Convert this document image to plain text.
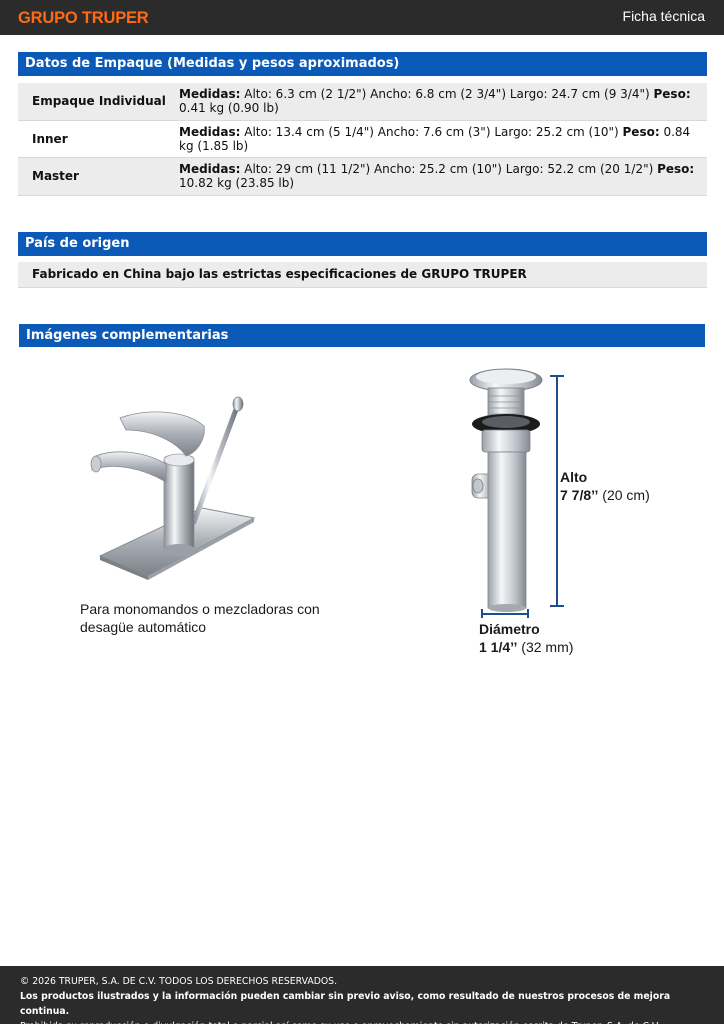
GRUPO TRUPER	Ficha técnica
Datos de Empaque (Medidas y pesos aproximados)
Empaque Individual	Medidas: Alto: 6.3 cm (2 1/2") Ancho: 6.8 cm (2 3/4") Largo: 24.7 cm (9 3/4") Peso: 0.41 kg (0.90 lb)
Inner	Medidas: Alto: 13.4 cm (5 1/4") Ancho: 7.6 cm (3") Largo: 25.2 cm (10") Peso: 0.84 kg (1.85 lb)
Master	Medidas: Alto: 29 cm (11 1/2") Ancho: 25.2 cm (10") Largo: 52.2 cm (20 1/2") Peso: 10.82 kg (23.85 lb)
País de origen
Fabricado en China bajo las estrictas especificaciones de GRUPO TRUPER
Imágenes complementarias
Para monomandos o mezcladoras con
desagüe automático
Alto
7 7/8’’ (20 cm)
Diámetro
1 1/4’’ (32 mm)
© 2026 TRUPER, S.A. DE C.V. TODOS LOS DERECHOS RESERVADOS.
Los productos ilustrados y la información pueden cambiar sin previo aviso, como resultado de nuestros procesos de mejora continua.
Prohibida su reproducción o divulgación total o parcial así como su uso o aprovechamiento sin autorización escrita de Truper, S.A. de C.V.
